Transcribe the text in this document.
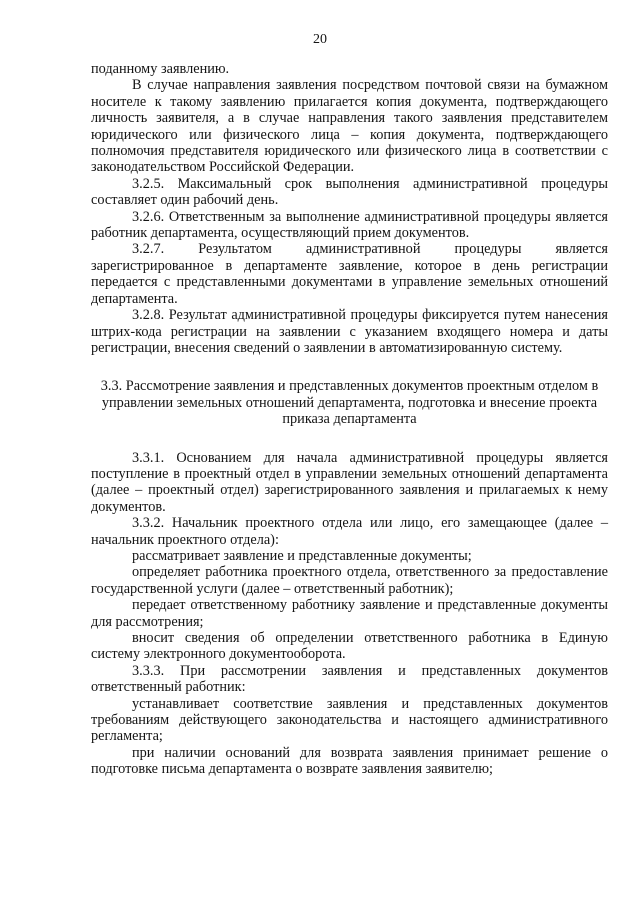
20

поданному заявлению.

В случае направления заявления посредством почтовой связи на бумажном носителе к такому заявлению прилагается копия документа, подтверждающего личность заявителя, а в случае направления такого заявления представителем юридического или физического лица – копия документа, подтверждающего полномочия представителя юридического или физического лица в соответствии с законодательством Российской Федерации.

3.2.5. Максимальный срок выполнения административной процедуры составляет один рабочий день.

3.2.6. Ответственным за выполнение административной процедуры является работник департамента, осуществляющий прием документов.

3.2.7. Результатом административной процедуры является зарегистрированное в департаменте заявление, которое в день регистрации передается с представленными документами в управление земельных отношений департамента.

3.2.8. Результат административной процедуры фиксируется путем нанесения штрих-кода регистрации на заявлении с указанием входящего номера и даты регистрации, внесения сведений о заявлении в автоматизированную систему.

3.3. Рассмотрение заявления и представленных документов проектным отделом в управлении земельных отношений департамента, подготовка и внесение проекта приказа департамента

3.3.1. Основанием для начала административной процедуры является поступление в проектный отдел в управлении земельных отношений департамента (далее – проектный отдел) зарегистрированного заявления и прилагаемых к нему документов.

3.3.2. Начальник проектного отдела или лицо, его замещающее (далее – начальник проектного отдела):

рассматривает заявление и представленные документы;

определяет работника проектного отдела, ответственного за предоставление государственной услуги (далее – ответственный работник);

передает ответственному работнику заявление и представленные документы для рассмотрения;

вносит сведения об определении ответственного работника в Единую систему электронного документооборота.

3.3.3. При рассмотрении заявления и представленных документов ответственный работник:

устанавливает соответствие заявления и представленных документов требованиям действующего законодательства и настоящего административного регламента;

при наличии оснований для возврата заявления принимает решение о подготовке письма департамента о возврате заявления заявителю;
